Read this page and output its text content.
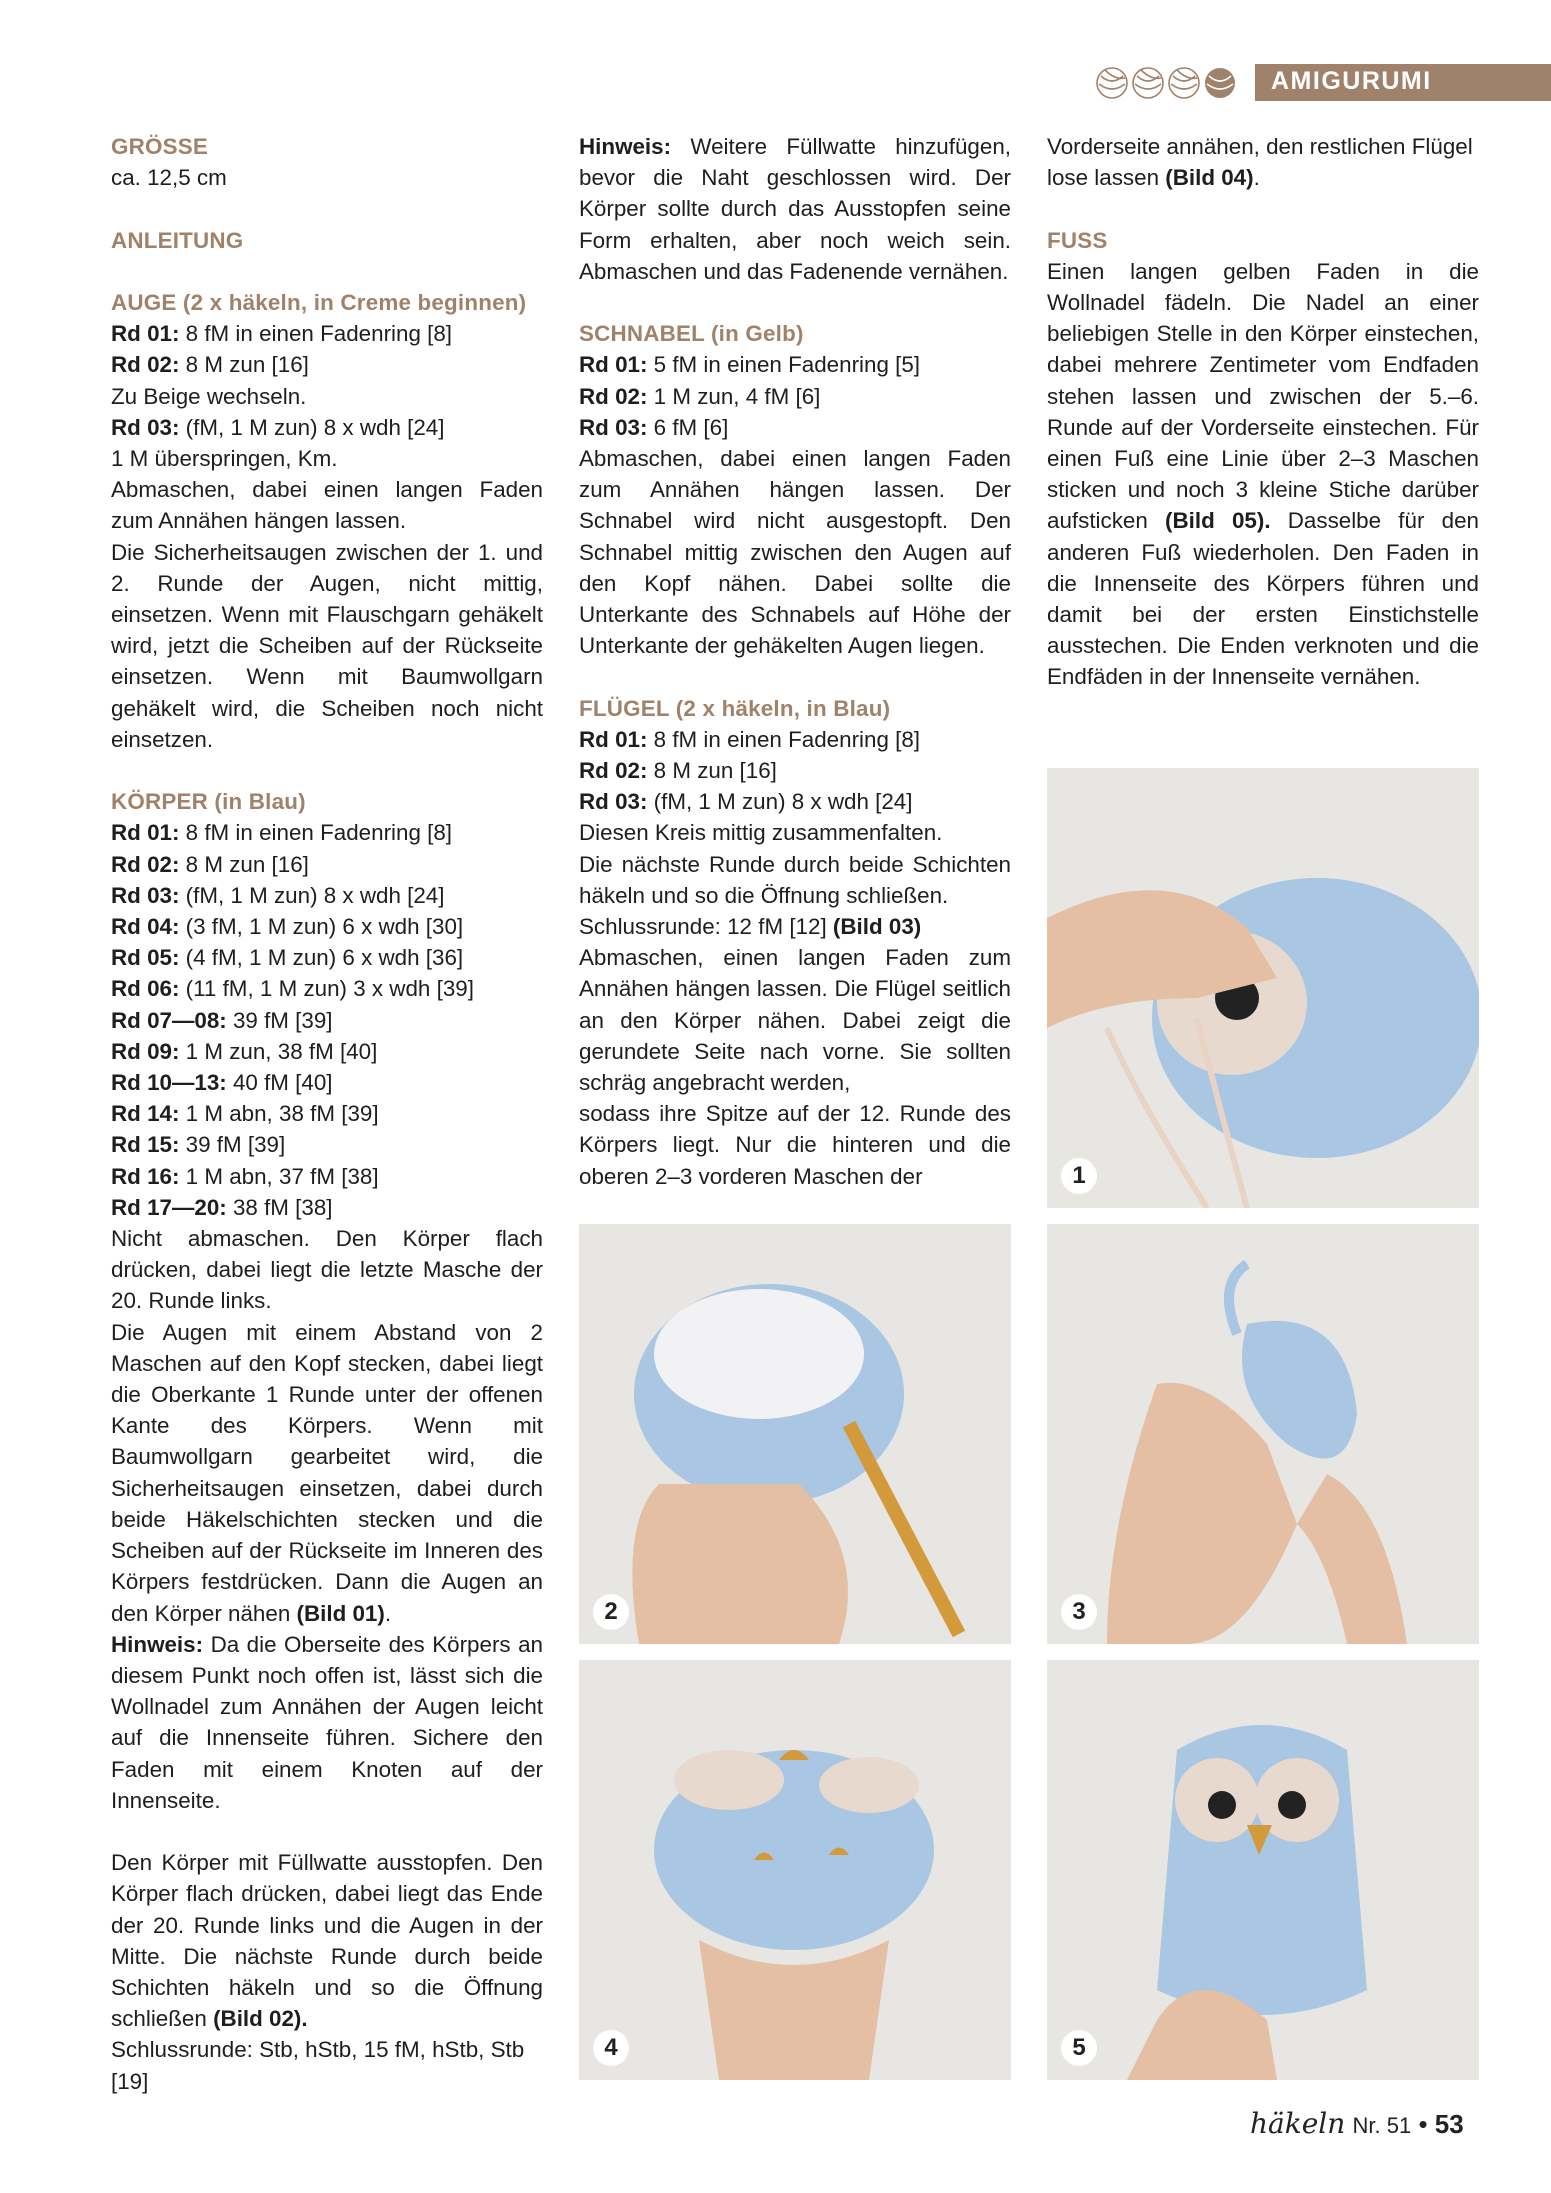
AMIGURUMI
GRÖSSE

ca. 12,5 cm

ANLEITUNG
AUGE (2 x häkeln, in Creme beginnen)
Rd 01: 8 fM in einen Fadenring [8]
Rd 02: 8 M zun [16]

Zu Beige wechseln.

Rd 03: (fM, 1 M zun) 8 x wdh [24]

1 M überspringen, Km.

Abmaschen, dabei einen langen Faden zum Annähen hängen lassen.

Die Sicherheitsaugen zwischen der 1. und 2. Runde der Augen, nicht mittig, einsetzen. Wenn mit Flauschgarn gehäkelt wird, jetzt die Scheiben auf der Rückseite einsetzen. Wenn mit Baumwollgarn gehäkelt wird, die Scheiben noch nicht einsetzen.

KÖRPER (in Blau)
Rd 01: 8 fM in einen Fadenring [8]
Rd 02: 8 M zun [16]
Rd 03: (fM, 1 M zun) 8 x wdh [24]
Rd 04: (3 fM, 1 M zun) 6 x wdh [30]
Rd 05: (4 fM, 1 M zun) 6 x wdh [36]
Rd 06: (11 fM, 1 M zun) 3 x wdh [39]
Rd 07—08: 39 fM [39]
Rd 09: 1 M zun, 38 fM [40]
Rd 10—13: 40 fM [40]
Rd 14: 1 M abn, 38 fM [39]
Rd 15: 39 fM [39]
Rd 16: 1 M abn, 37 fM [38]
Rd 17—20: 38 fM [38]

Nicht abmaschen. Den Körper flach drücken, dabei liegt die letzte Masche der 20. Runde links.

Die Augen mit einem Abstand von 2 Maschen auf den Kopf stecken, dabei liegt die Oberkante 1 Runde unter der offenen Kante des Körpers. Wenn mit Baumwollgarn gearbeitet wird, die Sicherheitsaugen einsetzen, dabei durch beide Häkelschichten stecken und die Scheiben auf der Rückseite im Inneren des Körpers festdrücken. Dann die Augen an den Körper nähen (Bild 01).

Hinweis: Da die Oberseite des Körpers an diesem Punkt noch offen ist, lässt sich die Wollnadel zum Annähen der Augen leicht auf die Innenseite führen. Sichere den Faden mit einem Knoten auf der Innenseite.

Den Körper mit Füllwatte ausstopfen. Den Körper flach drücken, dabei liegt das Ende der 20. Runde links und die Augen in der Mitte. Die nächste Runde durch beide Schichten häkeln und so die Öffnung schließen (Bild 02).

Schlussrunde: Stb, hStb, 15 fM, hStb, Stb [19]

Hinweis: Weitere Füllwatte hinzufügen, bevor die Naht geschlossen wird. Der Körper sollte durch das Ausstopfen seine Form erhalten, aber noch weich sein. Abmaschen und das Fadenende vernähen.

SCHNABEL (in Gelb)
Rd 01: 5 fM in einen Fadenring [5]
Rd 02: 1 M zun, 4 fM [6]
Rd 03: 6 fM [6]

Abmaschen, dabei einen langen Faden zum Annähen hängen lassen. Der Schnabel wird nicht ausgestopft. Den Schnabel mittig zwischen den Augen auf den Kopf nähen. Dabei sollte die Unterkante des Schnabels auf Höhe der Unterkante der gehäkelten Augen liegen.

FLÜGEL (2 x häkeln, in Blau)
Rd 01: 8 fM in einen Fadenring [8]
Rd 02: 8 M zun [16]
Rd 03: (fM, 1 M zun) 8 x wdh [24]

Diesen Kreis mittig zusammenfalten.

Die nächste Runde durch beide Schichten häkeln und so die Öffnung schließen.

Schlussrunde: 12 fM [12] (Bild 03)

Abmaschen, einen langen Faden zum Annähen hängen lassen. Die Flügel seitlich an den Körper nähen. Dabei zeigt die gerundete Seite nach vorne. Sie sollten schräg angebracht werden,

sodass ihre Spitze auf der 12. Runde des Körpers liegt. Nur die hinteren und die oberen 2–3 vorderen Maschen der

Vorderseite annähen, den restlichen Flügel lose lassen (Bild 04).

FUSS

Einen langen gelben Faden in die Wollnadel fädeln. Die Nadel an einer beliebigen Stelle in den Körper einstechen, dabei mehrere Zentimeter vom Endfaden stehen lassen und zwischen der 5.–6. Runde auf der Vorderseite einstechen. Für einen Fuß eine Linie über 2–3 Maschen sticken und noch 3 kleine Stiche darüber aufsticken (Bild 05). Dasselbe für den anderen Fuß wiederholen. Den Faden in die Innenseite des Körpers führen und damit bei der ersten Einstichstelle ausstechen. Die Enden verknoten und die Endfäden in der Innenseite vernähen.

1
2	3
4	5
häkeln Nr. 51 • 53
